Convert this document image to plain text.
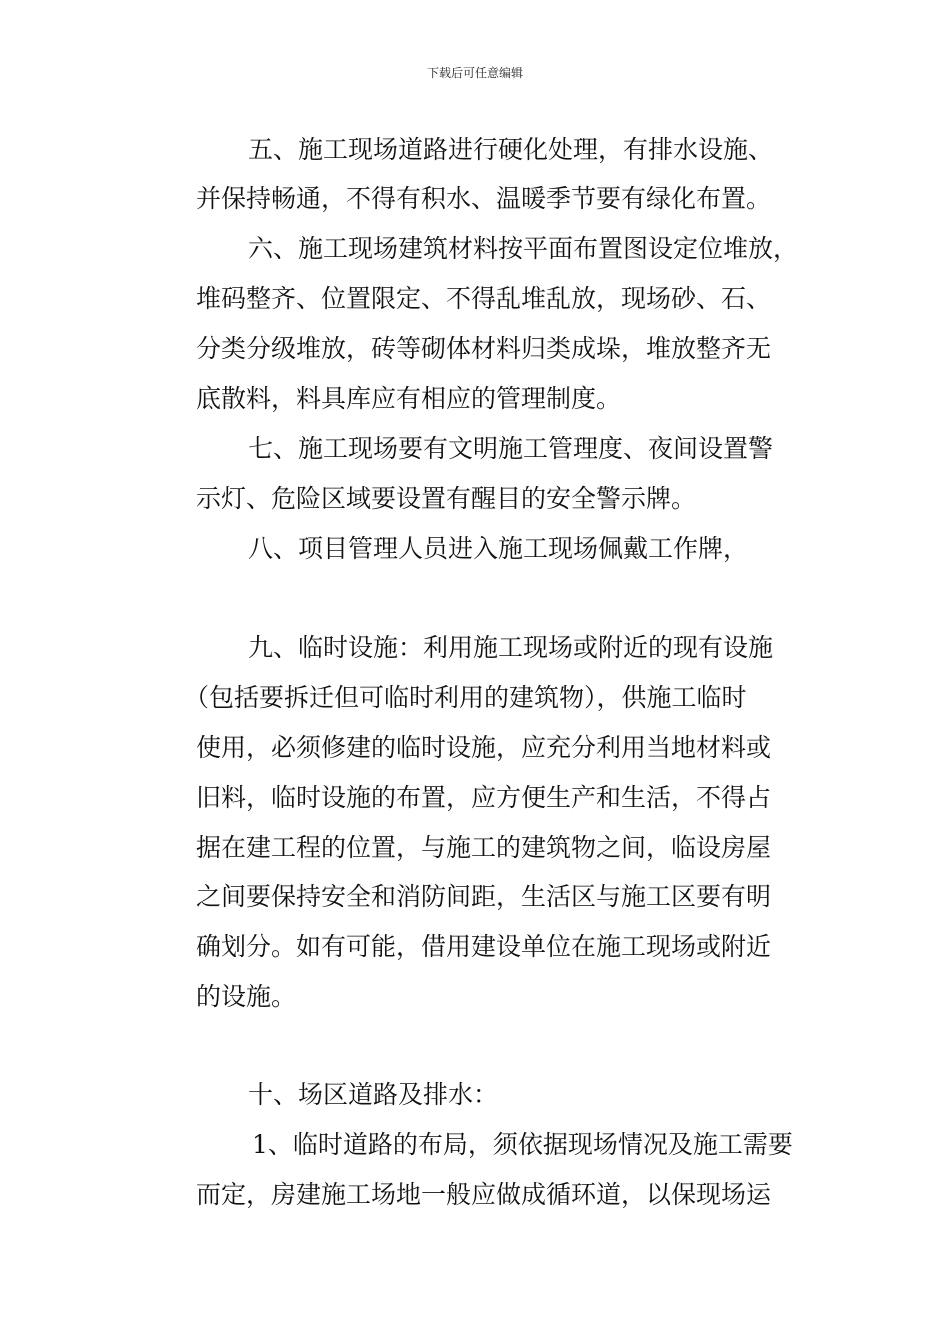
下载后可任意编辑
五、施工现场道路进行硬化处理，有排水设施、
并保持畅通，不得有积水、温暖季节要有绿化布置。
六、施工现场建筑材料按平面布置图设定位堆放，
堆码整齐、位置限定、不得乱堆乱放，现场砂、石、
分类分级堆放，砖等砌体材料归类成垛，堆放整齐无
底散料，料具库应有相应的管理制度。
七、施工现场要有文明施工管理度、夜间设置警
示灯、危险区域要设置有醒目的安全警示牌。
八、项目管理人员进入施工现场佩戴工作牌，
九、临时设施：利用施工现场或附近的现有设施
（包括要拆迁但可临时利用的建筑物），供施工临时
使用，必须修建的临时设施，应充分利用当地材料或
旧料，临时设施的布置，应方便生产和生活，不得占
据在建工程的位置，与施工的建筑物之间，临设房屋
之间要保持安全和消防间距，生活区与施工区要有明
确划分。如有可能，借用建设单位在施工现场或附近
的设施。
十、场区道路及排水：
1、临时道路的布局，须依据现场情况及施工需要
而定，房建施工场地一般应做成循环道，以保现场运
